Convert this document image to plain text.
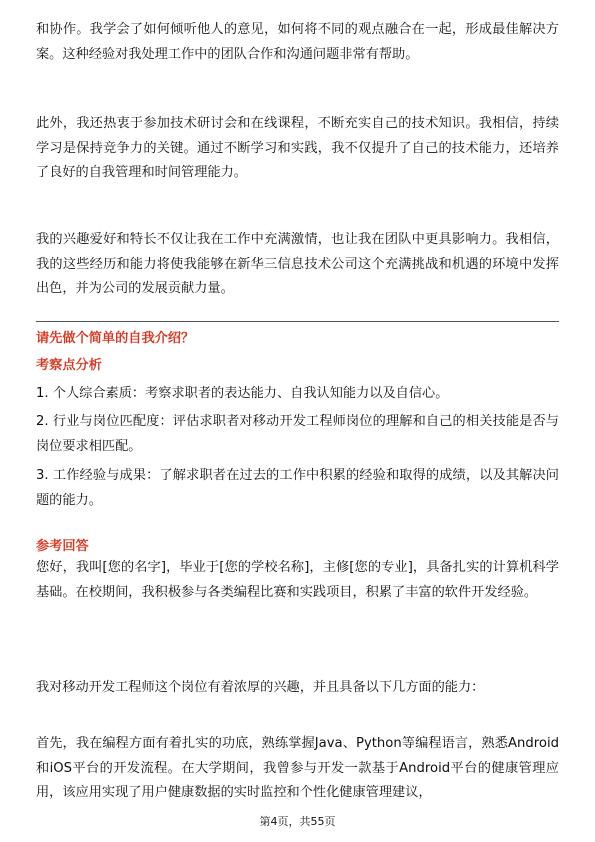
和协作。我学会了如何倾听他人的意见，如何将不同的观点融合在一起，形成最佳解决方案。这种经验对我处理工作中的团队合作和沟通问题非常有帮助。

此外，我还热衷于参加技术研讨会和在线课程，不断充实自己的技术知识。我相信，持续学习是保持竞争力的关键。通过不断学习和实践，我不仅提升了自己的技术能力，还培养了良好的自我管理和时间管理能力。

我的兴趣爱好和特长不仅让我在工作中充满激情，也让我在团队中更具影响力。我相信，我的这些经历和能力将使我能够在新华三信息技术公司这个充满挑战和机遇的环境中发挥出色，并为公司的发展贡献力量。

请先做个简单的自我介绍？

考察点分析

1. 个人综合素质：考察求职者的表达能力、自我认知能力以及自信心。

2. 行业与岗位匹配度：评估求职者对移动开发工程师岗位的理解和自己的相关技能是否与岗位要求相匹配。

3. 工作经验与成果：了解求职者在过去的工作中积累的经验和取得的成绩，以及其解决问题的能力。

参考回答

您好，我叫[您的名字]，毕业于[您的学校名称]，主修[您的专业]，具备扎实的计算机科学基础。在校期间，我积极参与各类编程比赛和实践项目，积累了丰富的软件开发经验。

我对移动开发工程师这个岗位有着浓厚的兴趣，并且具备以下几方面的能力：

首先，我在编程方面有着扎实的功底，熟练掌握Java、Python等编程语言，熟悉Android和iOS平台的开发流程。在大学期间，我曾参与开发一款基于Android平台的健康管理应用，该应用实现了用户健康数据的实时监控和个性化健康管理建议，

第4页，共55页
